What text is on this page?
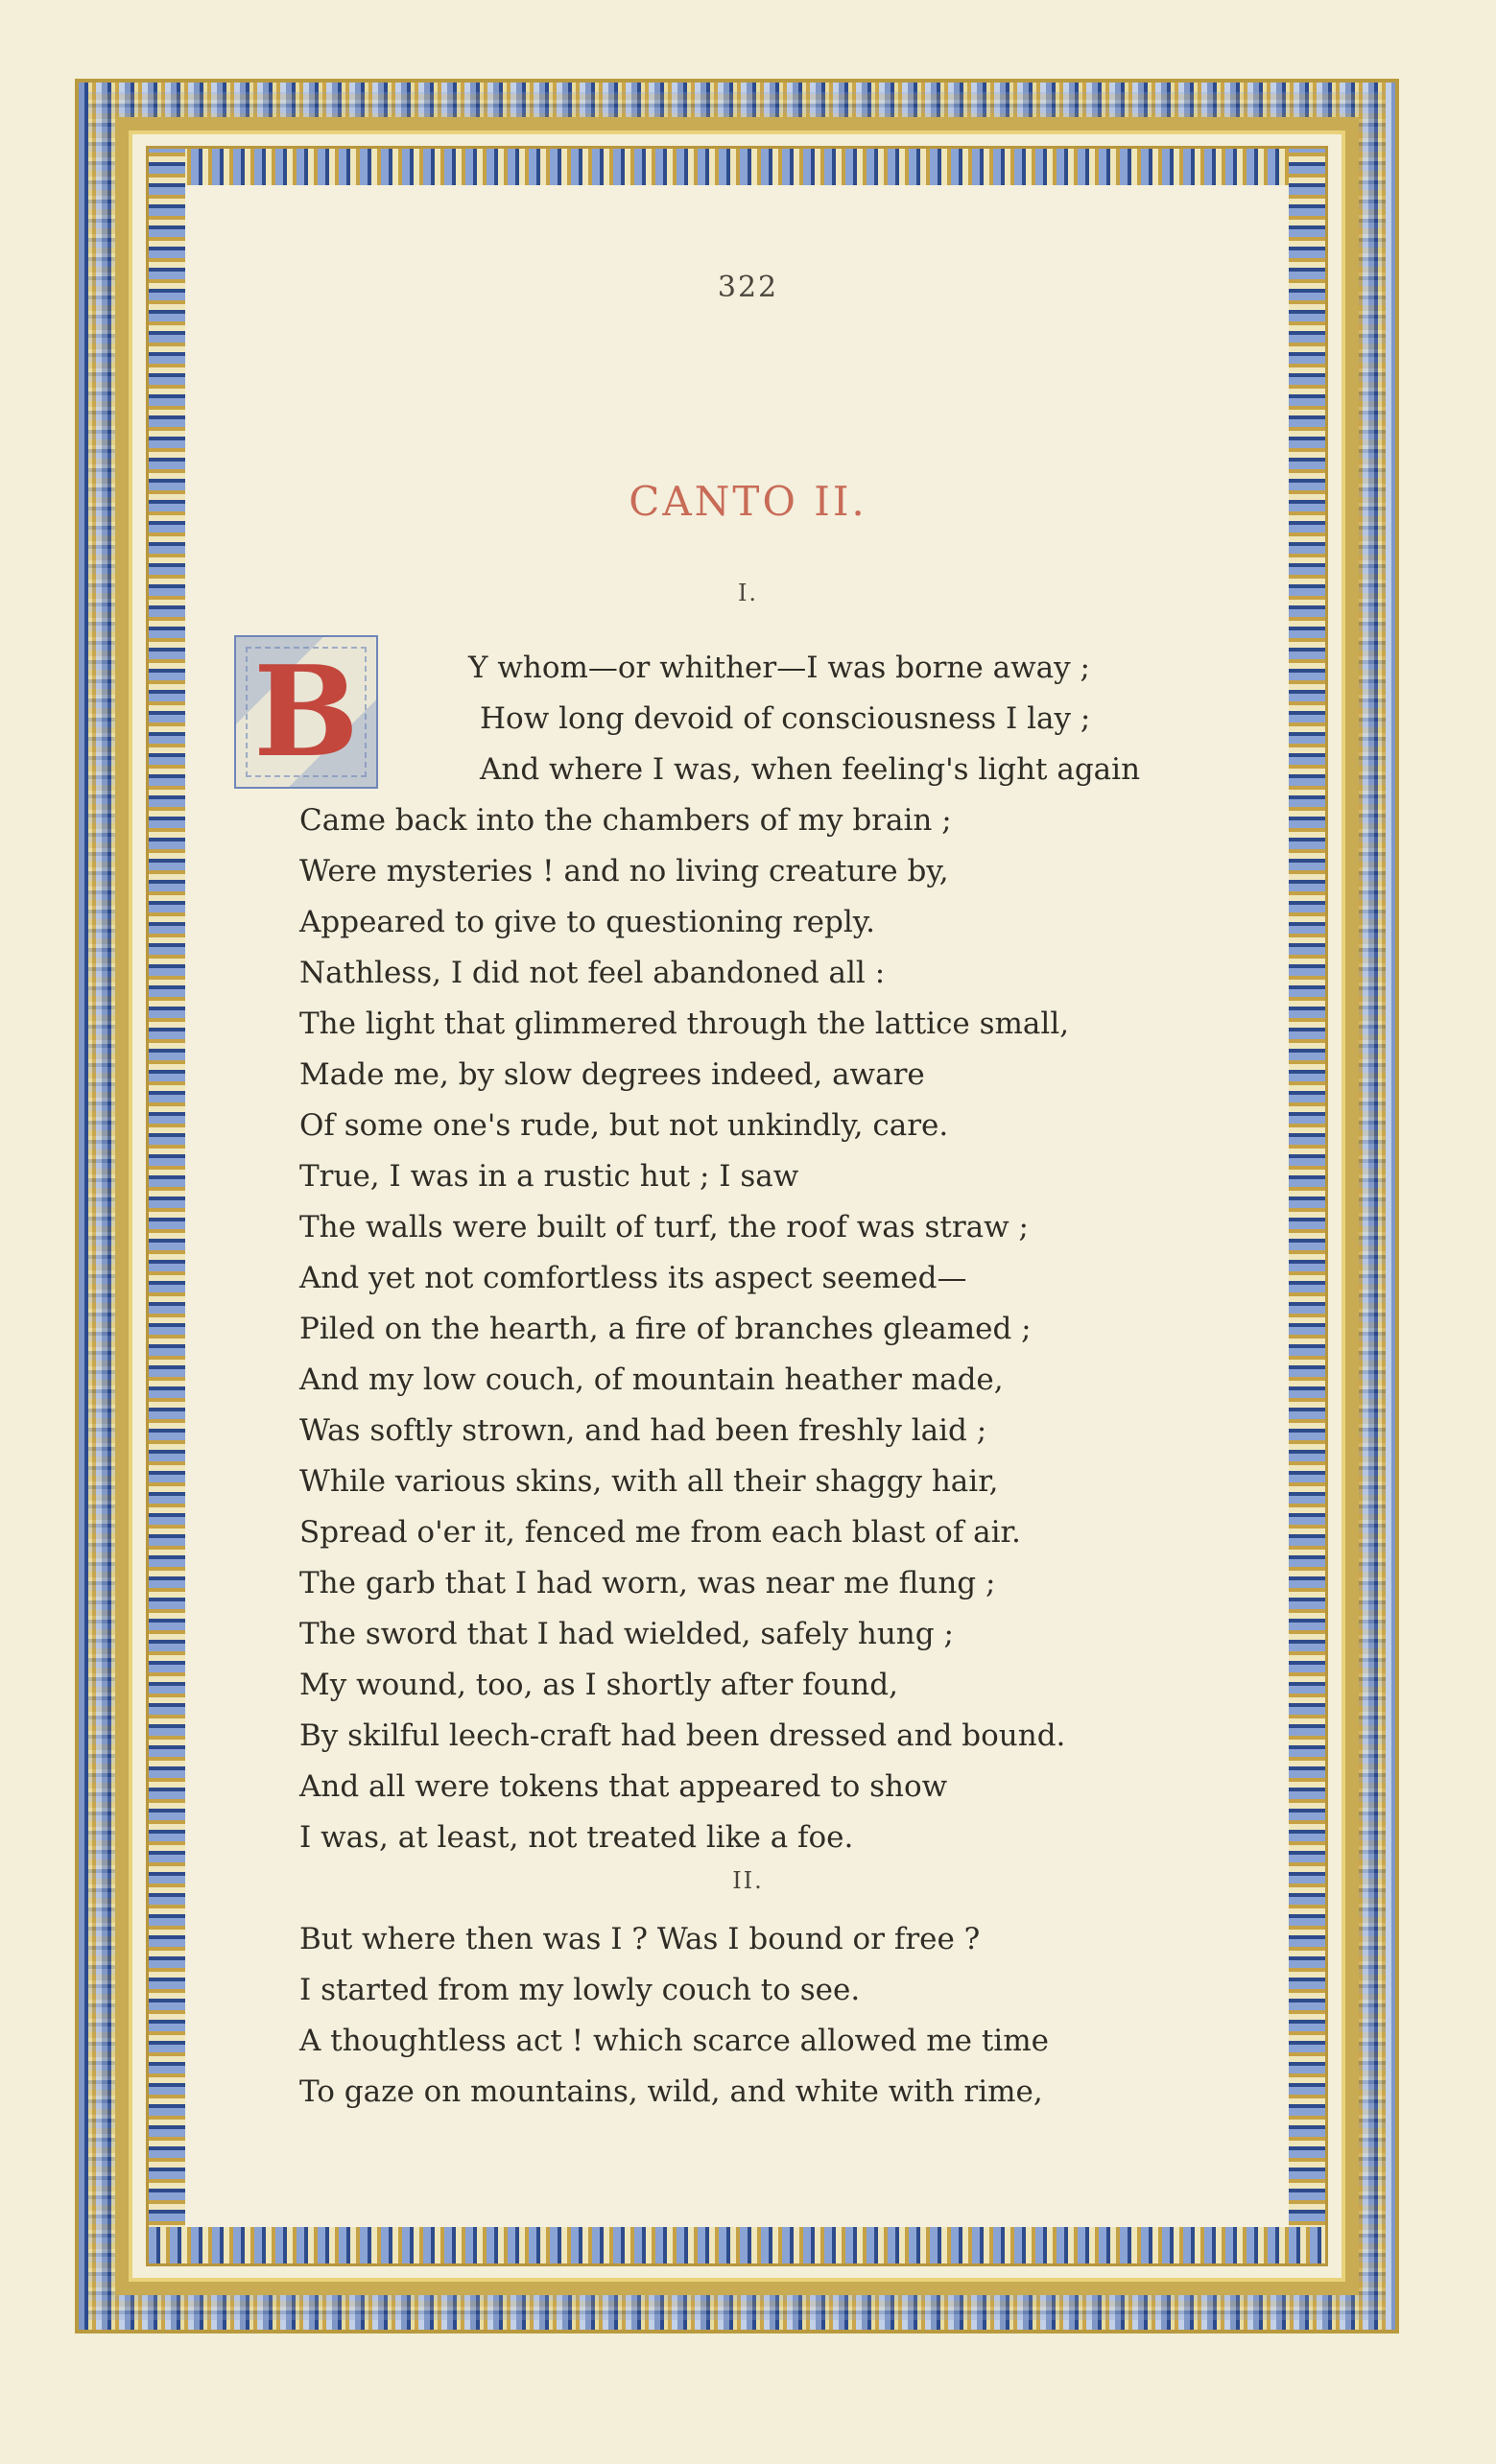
322
CANTO II.
I.
B	Y whom—or whither—I was borne away ;
How long devoid of consciousness I lay ;
And where I was, when feeling's light again
Came back into the chambers of my brain ;
Were mysteries ! and no living creature by,
Appeared to give to questioning reply.
Nathless, I did not feel abandoned all :
The light that glimmered through the lattice small,
Made me, by slow degrees indeed, aware
Of some one's rude, but not unkindly, care.
True, I was in a rustic hut ; I saw
The walls were built of turf, the roof was straw ;
And yet not comfortless its aspect seemed—
Piled on the hearth, a fire of branches gleamed ;
And my low couch, of mountain heather made,
Was softly strown, and had been freshly laid ;
While various skins, with all their shaggy hair,
Spread o'er it, fenced me from each blast of air.
The garb that I had worn, was near me flung ;
The sword that I had wielded, safely hung ;
My wound, too, as I shortly after found,
By skilful leech-craft had been dressed and bound.
And all were tokens that appeared to show
I was, at least, not treated like a foe.
But where then was I ? Was I bound or free ?
I started from my lowly couch to see.
A thoughtless act ! which scarce allowed me time
To gaze on mountains, wild, and white with rime,
II.
